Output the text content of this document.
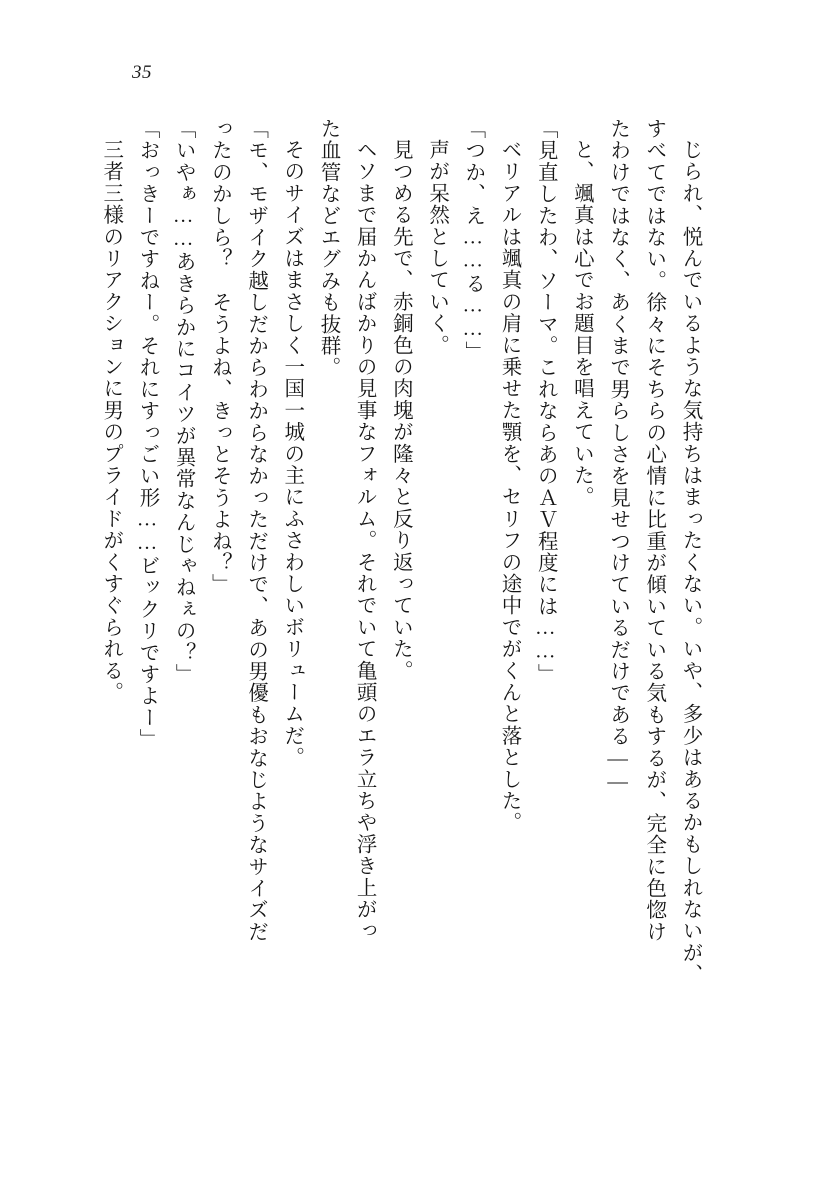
35

じられ、悦んでいるような気持ちはまったくない。いや、多少はあるかもしれないが、

すべてではない。徐々にそちらの心情に比重が傾いている気もするが、完全に色惚け

たわけではなく、あくまで男らしさを見せつけているだけである――

と、颯真は心でお題目を唱えていた。

「見直したわ、ソーマ。これならあのＡＶ程度には……」

ベリアルは颯真の肩に乗せた顎を、セリフの途中でがくんと落とした。

「つか、え……る……」

声が呆然としていく。

見つめる先で、赤銅色の肉塊が隆々と反り返っていた。

ヘソまで届かんばかりの見事なフォルム。それでいて亀頭のエラ立ちや浮き上がっ

た血管などエグみも抜群。

そのサイズはまさしく一国一城の主にふさわしいボリュームだ。

「モ、モザイク越しだからわからなかっただけで、あの男優もおなじようなサイズだ

ったのかしら？　そうよね、きっとそうよね？」

「いやぁ……あきらかにコイツが異常なんじゃねぇの？」

「おっきーですねー。それにすっごい形……ビックリですよー」

三者三様のリアクションに男のプライドがくすぐられる。
